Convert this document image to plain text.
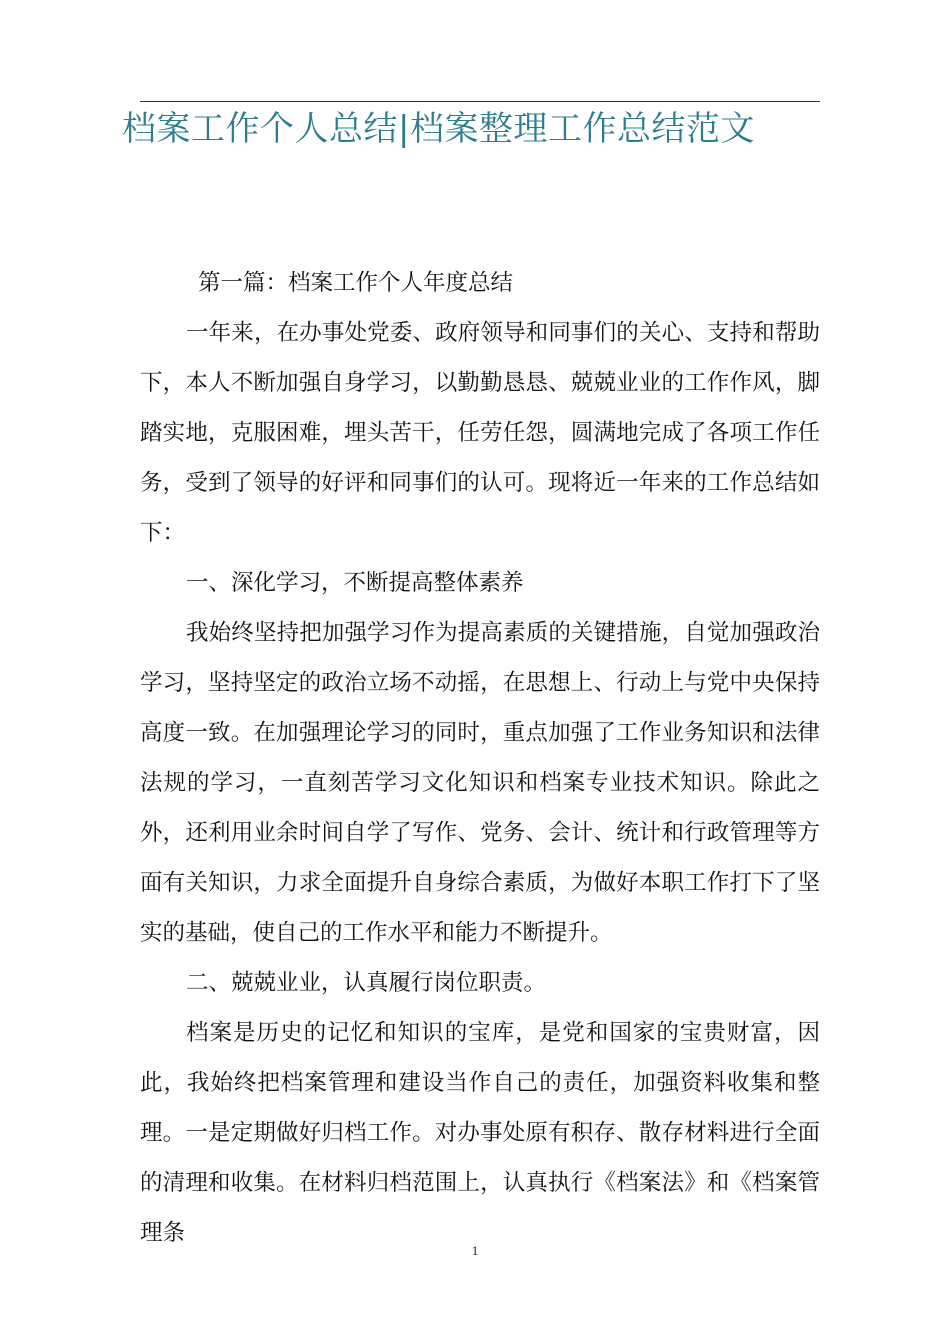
档案工作个人总结|档案整理工作总结范文

第一篇：档案工作个人年度总结

一年来，在办事处党委、政府领导和同事们的关心、支持和帮助下，本人不断加强自身学习，以勤勤恳恳、兢兢业业的工作作风，脚踏实地，克服困难，埋头苦干，任劳任怨，圆满地完成了各项工作任务，受到了领导的好评和同事们的认可。现将近一年来的工作总结如下：

一、深化学习，不断提高整体素养

我始终坚持把加强学习作为提高素质的关键措施，自觉加强政治学习，坚持坚定的政治立场不动摇，在思想上、行动上与党中央保持高度一致。在加强理论学习的同时，重点加强了工作业务知识和法律法规的学习，一直刻苦学习文化知识和档案专业技术知识。除此之外，还利用业余时间自学了写作、党务、会计、统计和行政管理等方面有关知识，力求全面提升自身综合素质，为做好本职工作打下了坚实的基础，使自己的工作水平和能力不断提升。

二、兢兢业业，认真履行岗位职责。

档案是历史的记忆和知识的宝库，是党和国家的宝贵财富，因此，我始终把档案管理和建设当作自己的责任，加强资料收集和整理。一是定期做好归档工作。对办事处原有积存、散存材料进行全面的清理和收集。在材料归档范围上，认真执行《档案法》和《档案管理条

1
